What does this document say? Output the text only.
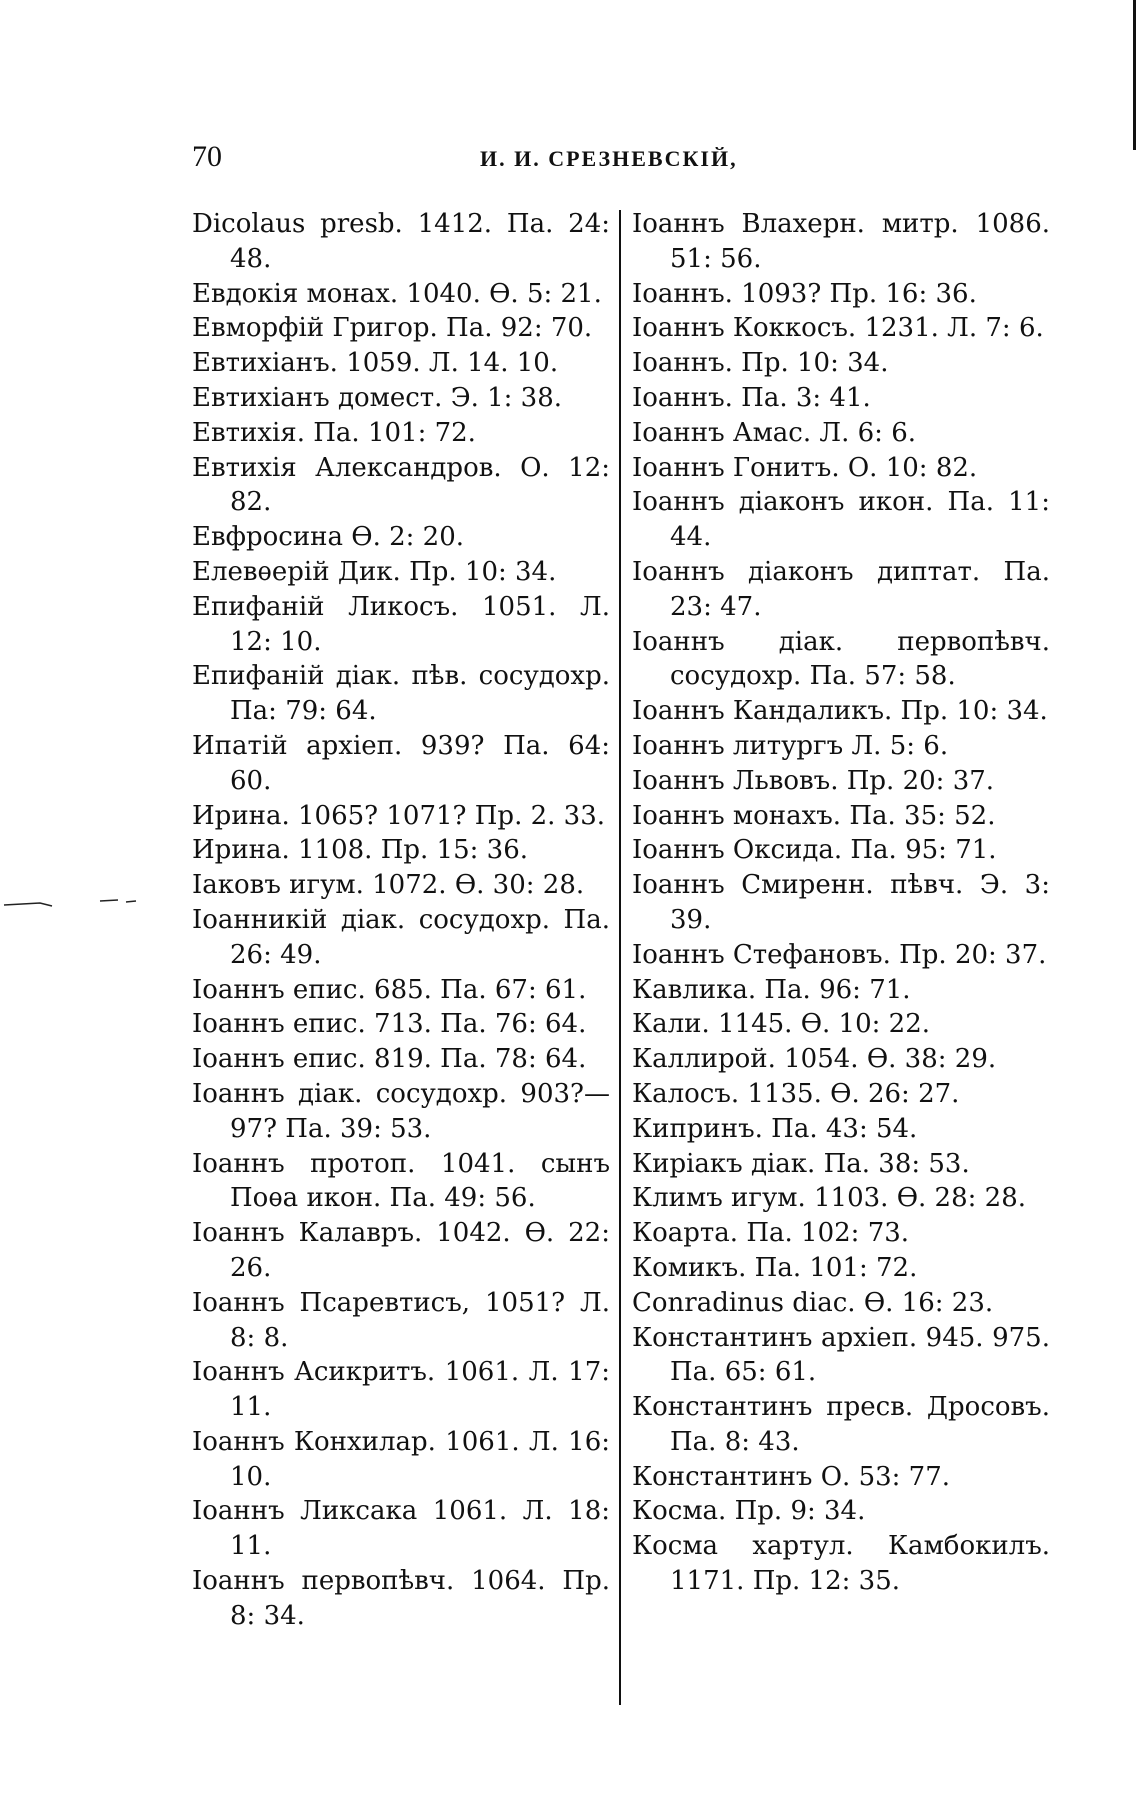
70	И. И. СРЕЗНЕВСКІЙ,
Dicolaus presb. 1412. Па. 24: 48.
Евдокія монах. 1040. Ѳ. 5: 21.
Евморфій Григор. Па. 92: 70.
Евтихіанъ. 1059. Л. 14. 10.
Евтихіанъ домест. Э. 1: 38.
Евтихія. Па. 101: 72.
Евтихія Александров. О. 12: 82.
Евфросина Ѳ. 2: 20.
Елевѳерій Дик. Пр. 10: 34.
Епифаній Ликосъ. 1051. Л. 12: 10.
Епифаній діак. пѣв. сосудохр. Па: 79: 64.
Ипатій архіеп. 939? Па. 64: 60.
Ирина. 1065? 1071? Пр. 2. 33.
Ирина. 1108. Пр. 15: 36.
Іаковъ игум. 1072. Ѳ. 30: 28.
Іоанникій діак. сосудохр. Па. 26: 49.
Іоаннъ епис. 685. Па. 67: 61.
Іоаннъ епис. 713. Па. 76: 64.
Іоаннъ епис. 819. Па. 78: 64.
Іоаннъ діак. сосудохр. 903?—97? Па. 39: 53.
Іоаннъ протоп. 1041. сынъ Поѳа икон. Па. 49: 56.
Іоаннъ Калавръ. 1042. Ѳ. 22: 26.
Іоаннъ Псаревтисъ, 1051? Л. 8: 8.
Іоаннъ Асикритъ. 1061. Л. 17: 11.
Іоаннъ Конхилар. 1061. Л. 16: 10.
Іоаннъ Ликсака 1061. Л. 18: 11.
Іоаннъ первопѣвч. 1064. Пр. 8: 34.
Іоаннъ Влахерн. митр. 1086. 51: 56.
Іоаннъ. 1093? Пр. 16: 36.
Іоаннъ Коккосъ. 1231. Л. 7: 6.
Іоаннъ. Пр. 10: 34.
Іоаннъ. Па. 3: 41.
Іоаннъ Амас. Л. 6: 6.
Іоаннъ Гонитъ. О. 10: 82.
Іоаннъ діаконъ икон. Па. 11: 44.
Іоаннъ діаконъ диптат. Па. 23: 47.
Іоаннъ діак. первопѣвч. сосудохр. Па. 57: 58.
Іоаннъ Кандаликъ. Пр. 10: 34.
Іоаннъ литургъ Л. 5: 6.
Іоаннъ Львовъ. Пр. 20: 37.
Іоаннъ монахъ. Па. 35: 52.
Іоаннъ Оксида. Па. 95: 71.
Іоаннъ Смиренн. пѣвч. Э. 3: 39.
Іоаннъ Стефановъ. Пр. 20: 37.
Кавлика. Па. 96: 71.
Кали. 1145. Ѳ. 10: 22.
Каллирой. 1054. Ѳ. 38: 29.
Калосъ. 1135. Ѳ. 26: 27.
Кипринъ. Па. 43: 54.
Киріакъ діак. Па. 38: 53.
Климъ игум. 1103. Ѳ. 28: 28.
Коарта. Па. 102: 73.
Комикъ. Па. 101: 72.
Conradinus diac. Ѳ. 16: 23.
Константинъ архіеп. 945. 975. Па. 65: 61.
Константинъ пресв. Дросовъ. Па. 8: 43.
Константинъ О. 53: 77.
Косма. Пр. 9: 34.
Косма хартул. Камбокилъ. 1171. Пр. 12: 35.
